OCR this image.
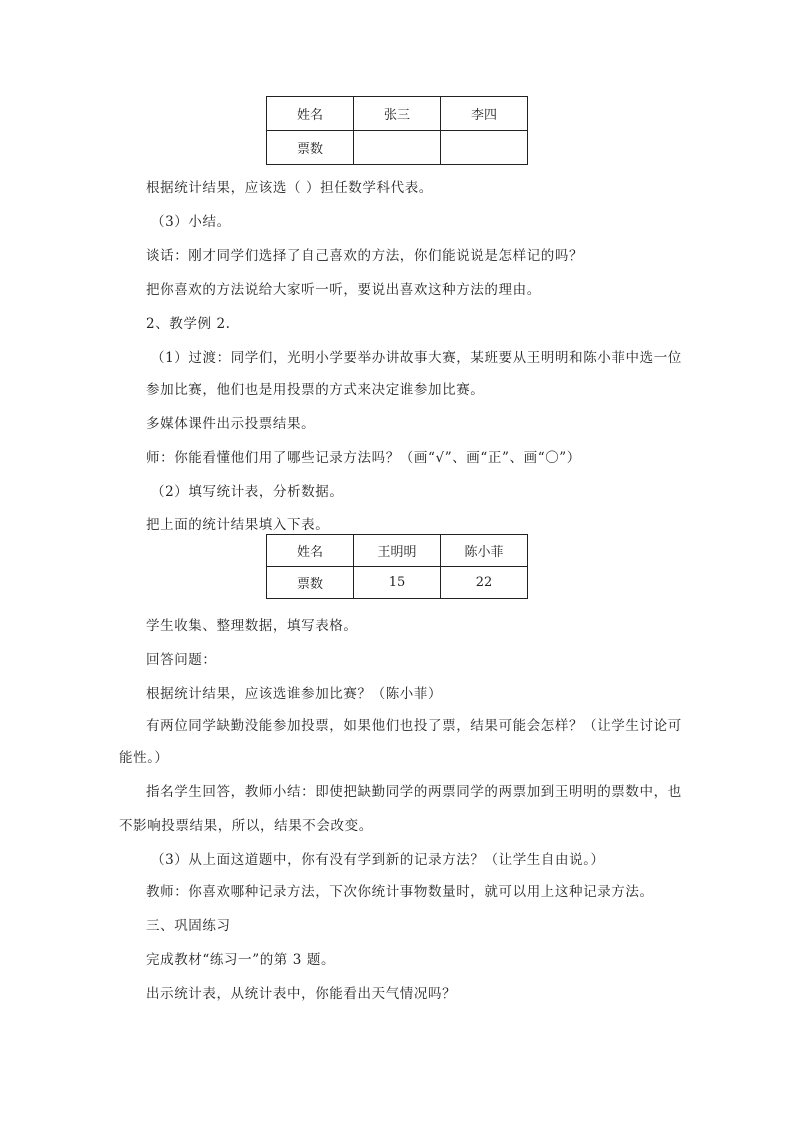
姓名	张三	李四
票数		
根据统计结果，应该选（ ）担任数学科代表。
（3）小结。
谈话：刚才同学们选择了自己喜欢的方法，你们能说说是怎样记的吗？
把你喜欢的方法说给大家听一听，要说出喜欢这种方法的理由。
2、教学例 2.
（1）过渡：同学们，光明小学要举办讲故事大赛，某班要从王明明和陈小菲中选一位
参加比赛，他们也是用投票的方式来决定谁参加比赛。
多媒体课件出示投票结果。
师：你能看懂他们用了哪些记录方法吗？（画“√”、画“正”、画“〇”）
（2）填写统计表，分析数据。
把上面的统计结果填入下表。
姓名	王明明	陈小菲
票数	15	22
学生收集、整理数据，填写表格。
回答问题：
根据统计结果，应该选谁参加比赛？（陈小菲）
有两位同学缺勤没能参加投票，如果他们也投了票，结果可能会怎样？（让学生讨论可
能性。）
指名学生回答，教师小结：即使把缺勤同学的两票同学的两票加到王明明的票数中，也
不影响投票结果，所以，结果不会改变。
（3）从上面这道题中，你有没有学到新的记录方法？（让学生自由说。）
教师：你喜欢哪种记录方法，下次你统计事物数量时，就可以用上这种记录方法。
三、巩固练习
完成教材“练习一”的第 3 题。
出示统计表，从统计表中，你能看出天气情况吗？
